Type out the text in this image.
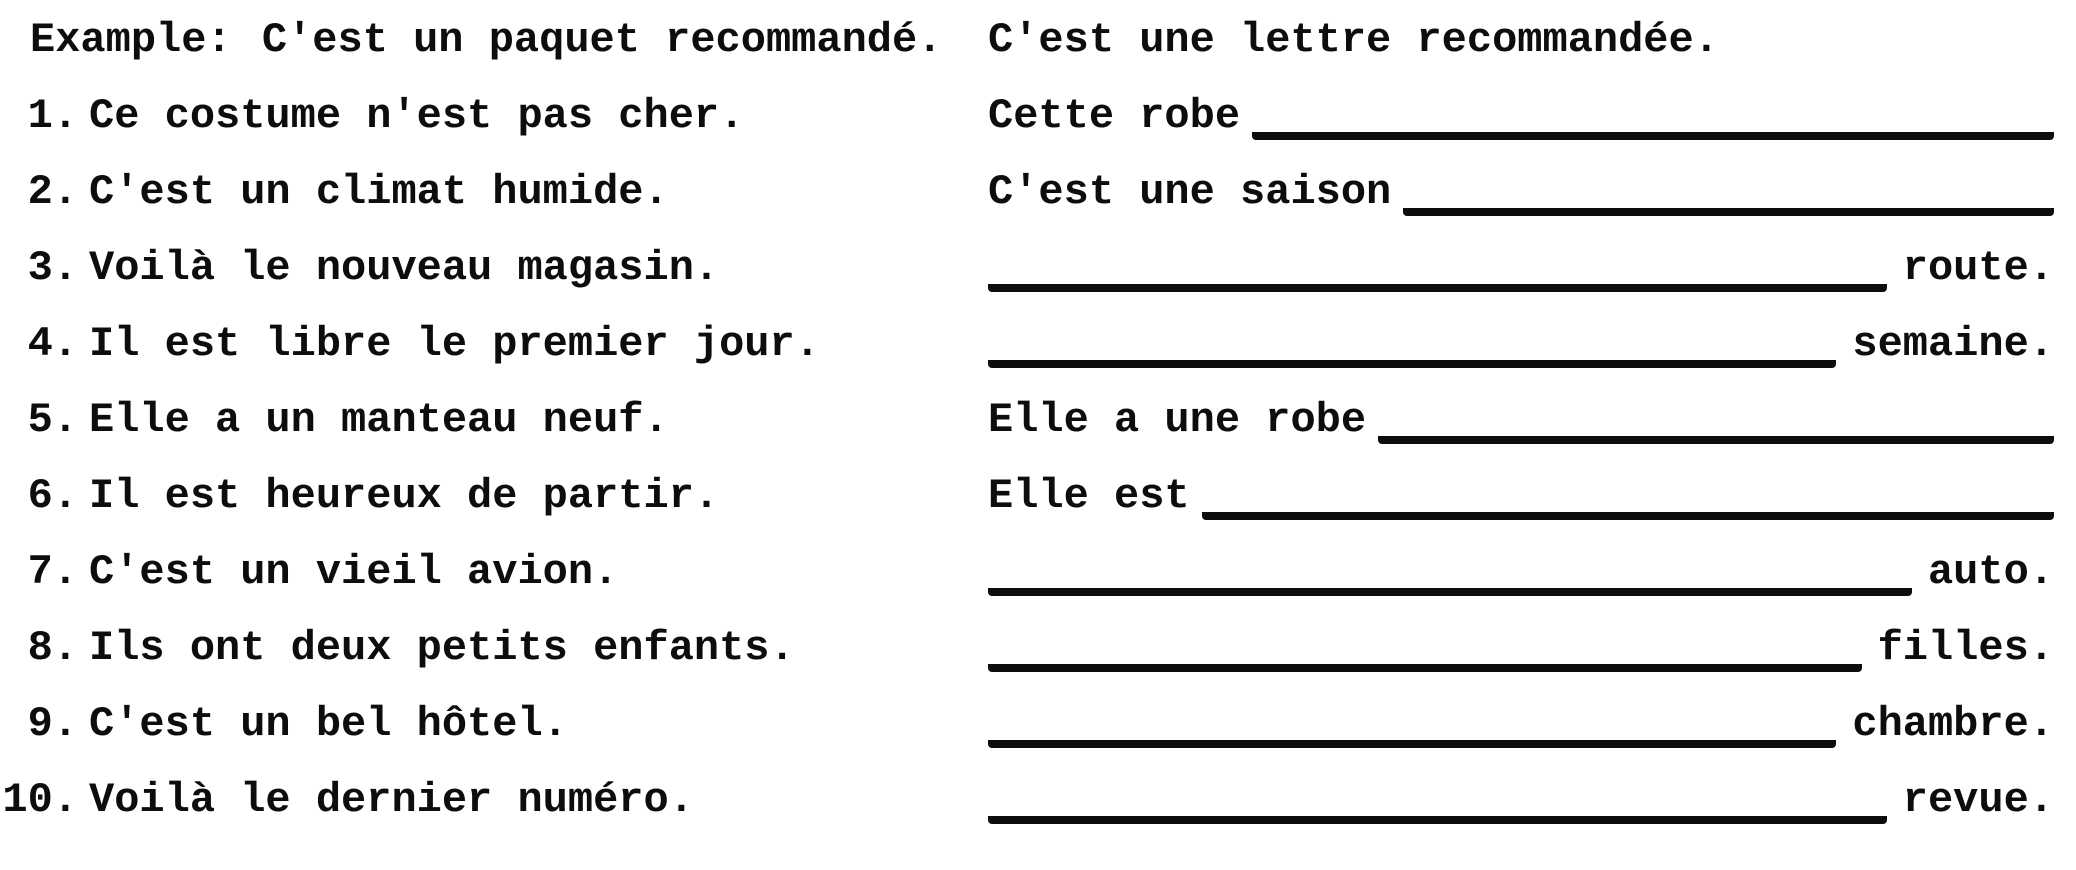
Example: C'est un paquet recommandé. C'est une lettre recommandée.
1. Ce costume n'est pas cher.	Cette robe
2. C'est un climat humide.	C'est une saison
3. Voilà le nouveau magasin.	route.
4. Il est libre le premier jour.	semaine.
5. Elle a un manteau neuf.	Elle a une robe
6. Il est heureux de partir.	Elle est
7. C'est un vieil avion.	auto.
8. Ils ont deux petits enfants.	filles.
9. C'est un bel hôtel.	chambre.
10. Voilà le dernier numéro.	revue.
